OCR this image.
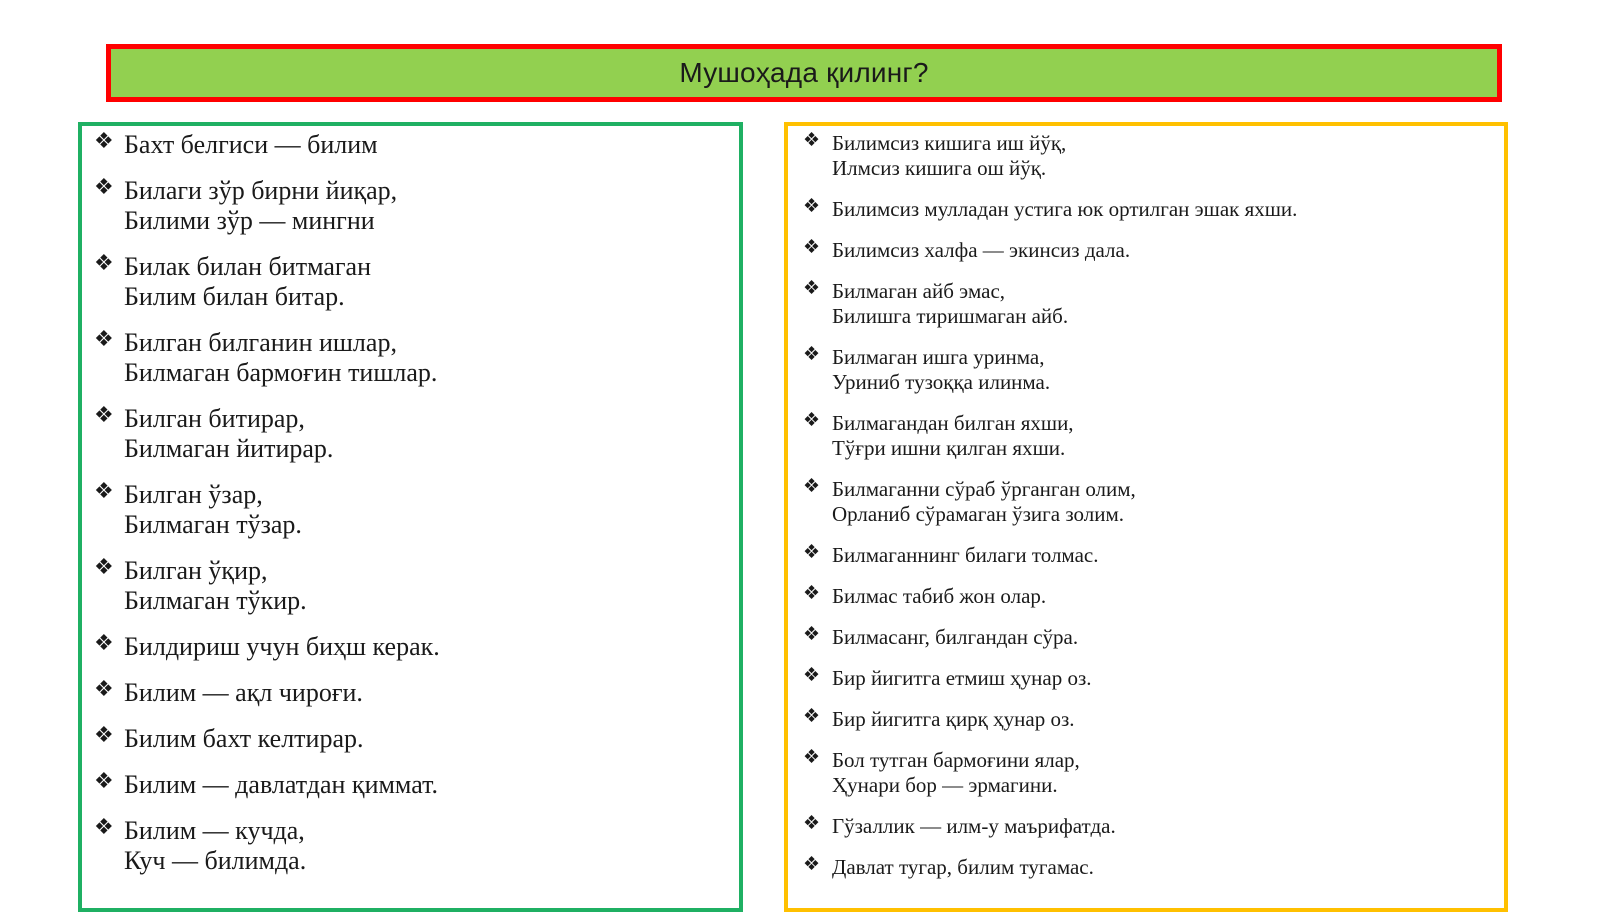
Мушоҳада қилинг?
❖ Бахт белгиси — билим
❖ Билаги зўр бирни йиқар,
Билими зўр — мингни
❖ Билак билан битмаган
Билим билан битар.
❖ Билган билганин ишлар,
Билмаган бармоғин тишлар.
❖ Билган битирар,
Билмаган йитирар.
❖ Билган ўзар,
Билмаган тўзар.
❖ Билган ўқир,
Билмаган тўкир.
❖ Билдириш учун биҳш керак.
❖ Билим — ақл чироғи.
❖ Билим бахт келтирар.
❖ Билим — давлатдан қиммат.
❖ Билим — кучда,
Куч — билимда.
❖ Билимсиз кишига иш йўқ,
Илмсиз кишига ош йўқ.
❖ Билимсиз мулладан устига юк ортилган эшак яхши.
❖ Билимсиз халфа — экинсиз дала.
❖ Билмаган айб эмас,
Билишга тиришмаган айб.
❖ Билмаган ишга уринма,
Уриниб тузоққа илинма.
❖ Билмагандан билган яхши,
Тўғри ишни қилган яхши.
❖ Билмаганни сўраб ўрганган олим,
Орланиб сўрамаган ўзига золим.
❖ Билмаганнинг билаги толмас.
❖ Билмас табиб жон олар.
❖ Билмасанг, билгандан сўра.
❖ Бир йигитга етмиш ҳунар оз.
❖ Бир йигитга қирқ ҳунар оз.
❖ Бол тутган бармоғини ялар,
Ҳунари бор — эрмагини.
❖ Гўзаллик — илм-у маърифатда.
❖ Давлат тугар, билим тугамас.
